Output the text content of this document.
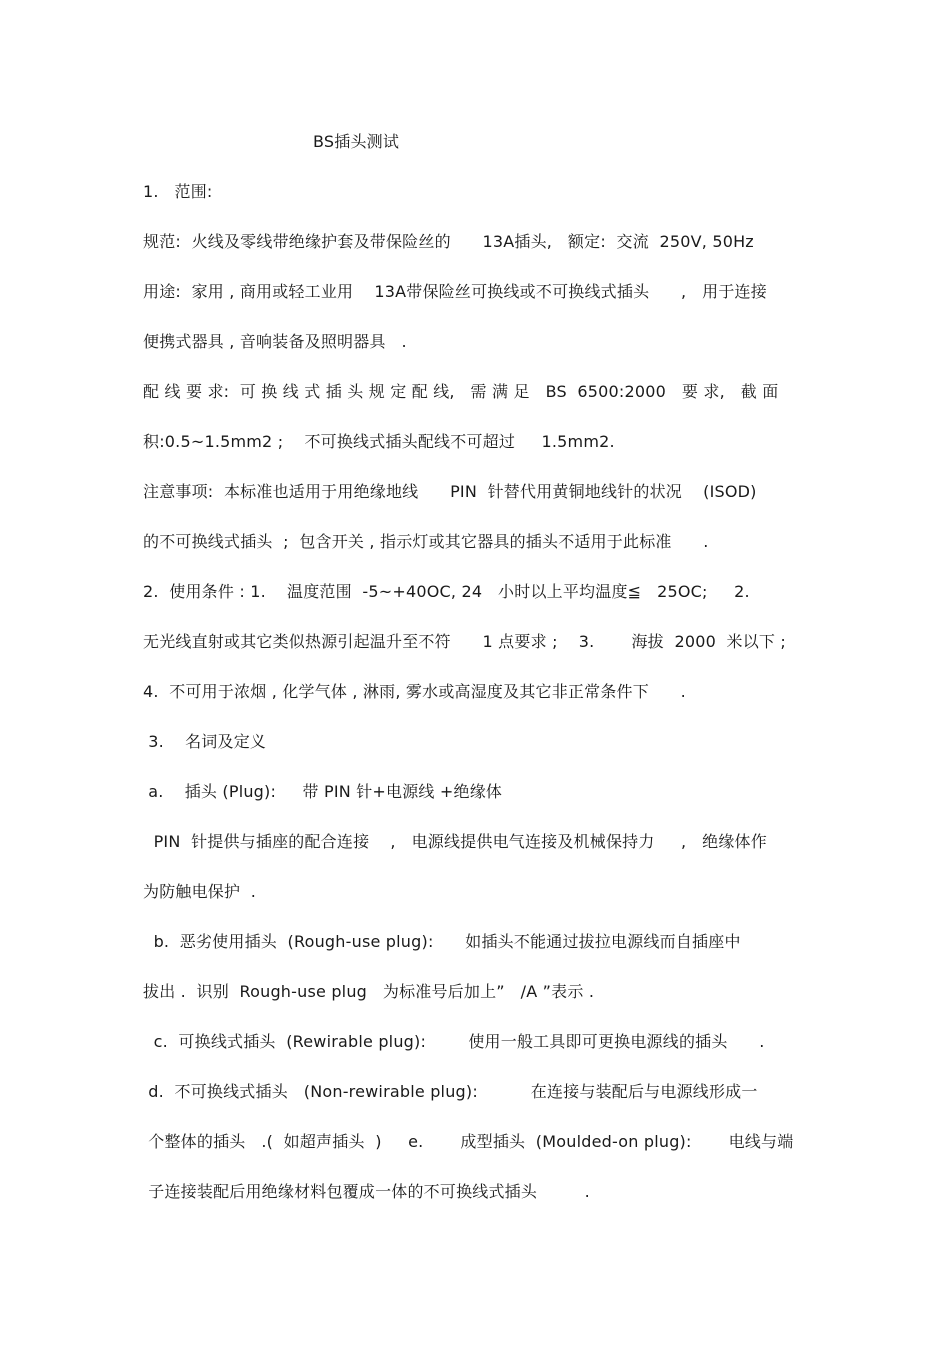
BS插头测试
1.   范围:
规范:  火线及零线带绝缘护套及带保险丝的      13A插头,   额定:  交流  250V, 50Hz
用途:  家用 , 商用或轻工业用    13A带保险丝可换线或不可换线式插头      ,   用于连接
便携式器具 , 音响装备及照明器具   .
配 线 要 求:  可 换 线 式 插 头 规 定 配 线,   需 满 足   BS  6500:2000   要 求,   截 面
积:0.5~1.5mm2 ;    不可换线式插头配线不可超过     1.5mm2.
注意事项:  本标准也适用于用绝缘地线      PIN  针替代用黄铜地线针的状况    (ISOD)
的不可换线式插头  ;  包含开关 , 指示灯或其它器具的插头不适用于此标准      .
2.  使用条件 : 1.    温度范围  -5~+40OC, 24   小时以上平均温度≦   25OC;     2.
无光线直射或其它类似热源引起温升至不符      1 点要求 ;    3.       海拔  2000  米以下 ;
4.  不可用于浓烟 , 化学气体 , 淋雨, 雾水或高湿度及其它非正常条件下      .
3.    名词及定义
a.    插头 (Plug):     带 PIN 针+电源线 +绝缘体
PIN  针提供与插座的配合连接    ,   电源线提供电气连接及机械保持力     ,   绝缘体作
为防触电保护  .
b.  恶劣使用插头  (Rough-use plug):      如插头不能通过拔拉电源线而自插座中
拔出 .  识别  Rough-use plug   为标准号后加上”   /A ”表示 .
c.  可换线式插头  (Rewirable plug):        使用一般工具即可更换电源线的插头      .
d.  不可换线式插头   (Non-rewirable plug):          在连接与装配后与电源线形成一
个整体的插头   .(  如超声插头  )     e.       成型插头  (Moulded-on plug):       电线与端
子连接装配后用绝缘材料包覆成一体的不可换线式插头         .
